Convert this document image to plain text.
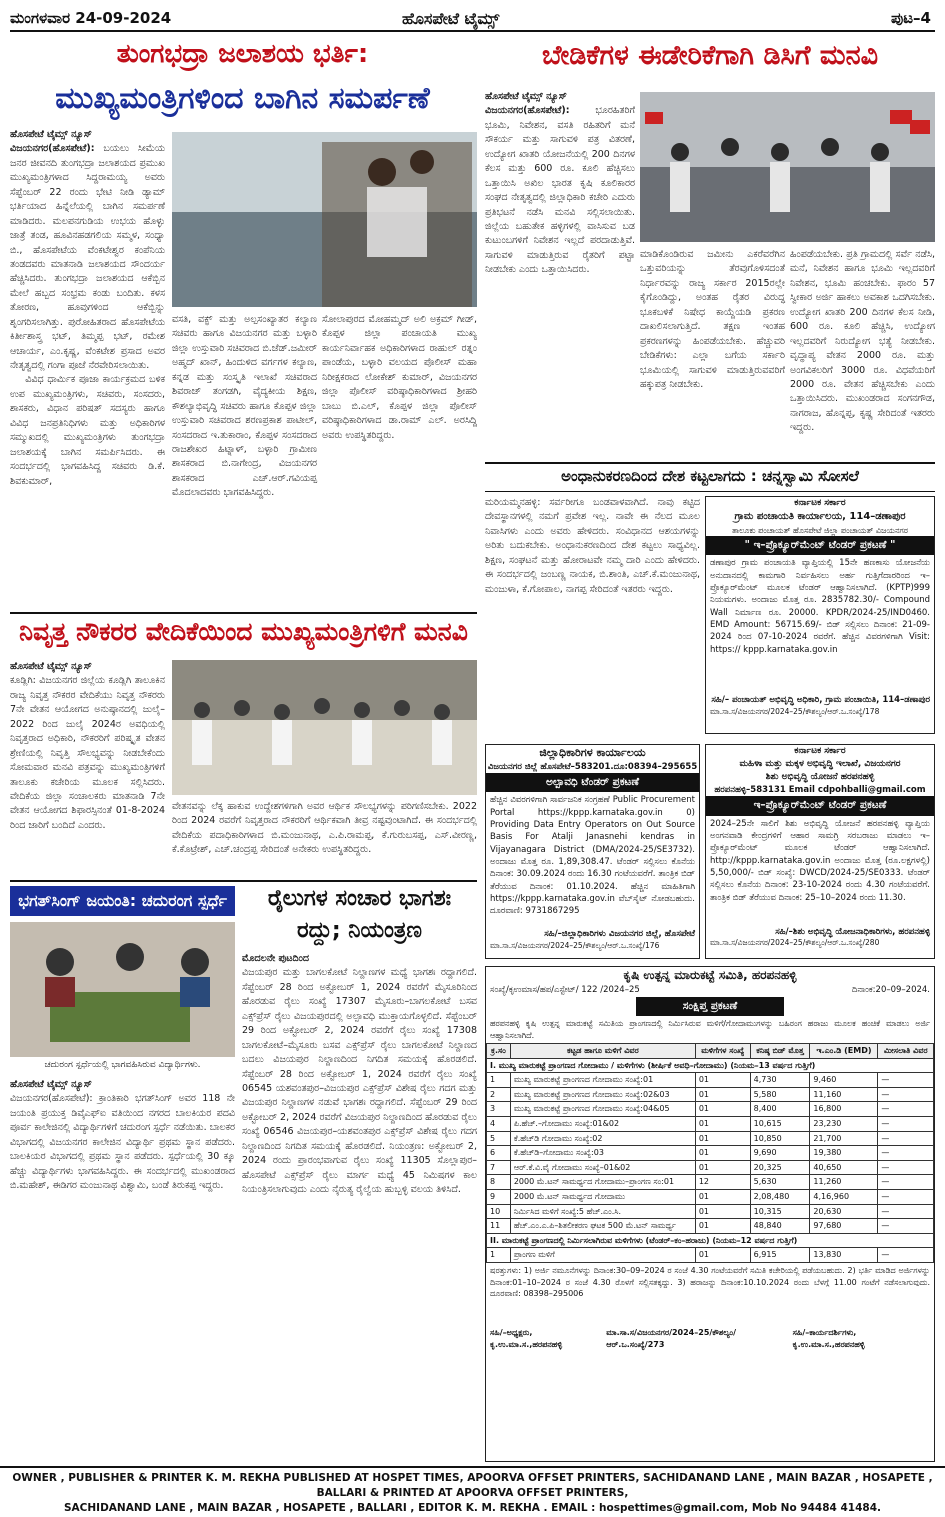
ಮಂಗಳವಾರ 24-09-2024	ಹೊಸಪೇಟೆ ಟೈಮ್ಸ್	ಪುಟ–4
ತುಂಗಭದ್ರಾ ಜಲಾಶಯ ಭರ್ತಿ:
ಮುಖ್ಯಮಂತ್ರಿಗಳಿಂದ ಬಾಗಿನ ಸಮರ್ಪಣೆ
ಹೊಸಪೇಟೆ ಟೈಮ್ಸ್ ನ್ಯೂಸ್
ವಿಜಯನಗರ(ಹೊಸಪೇಟೆ): ಬಯಲು ಸೀಮೆಯ ಜನರ ಜೀವನದಿ ತುಂಗಭದ್ರಾ ಜಲಾಶಯದ ಪ್ರಮುಖ ಮುಖ್ಯಮಂತ್ರಿಗಳಾದ ಸಿದ್ದರಾಮಯ್ಯ ಅವರು ಸೆಪ್ಟೆಂಬರ್ 22 ರಂದು ಭೇಟಿ ನೀಡಿ ಡ್ಯಾಮ್ ಭರ್ತಿಯಾದ ಹಿನ್ನೆಲೆಯಲ್ಲಿ ಬಾಗಿನ ಸಮರ್ಪಣೆ ಮಾಡಿದರು. ಮಲಪನಗುಡಿಯ ಉಭಯ ಹೊಳ್ಳು ಜಾತ್ರೆ ತಂಡ, ಹೂವಿನಹಡಗಲಿಯ ಸಮ್ಮಳ, ಸಂಧ್ಯಾ ಬಿ., ಹೊಸಪೇಟೆಯ ವೆಂಕಟೇಶ್ವರ ಕಂಪೆನಿಯ ತಂಡದವರು ಮಾತನಾಡಿ ಜಲಾಶಯದ ಸೌಂದರ್ಯ ಹೆಚ್ಚಿಸಿದರು. ತುಂಗಭದ್ರಾ ಜಲಾಶಯದ ಆಕೆಬ್ಬಿನ ಮೇಲೆ ಹಬ್ಬದ ಸಂಭ್ರಮ ಕಂಡು ಬಂದಿತು. ಕಳಸ ತೋರಣ, ಹೂವುಗಳಿಂದ ಆಕೆಬ್ಬಿನ್ನು ಶೃಂಗರಿಸಲಾಗಿತ್ತು. ಪುರೋಹಿತರಾದ ಹೊಸಪೇಟೆಯ ಕಿರ್ತೀಶಾಸ್ತ್ರ ಭಟ್, ತಿಮ್ಮಪ್ಪ ಭಟ್, ರಮೇಶ ಆಚಾರ್ಯ, ಎಂ.ಕೃಷ್ಣ, ವೆಂಕಟೇಶ ಪ್ರಸಾದ ಅವರ ನೇತೃತ್ವದಲ್ಲಿ ಗಂಗಾ ಪೂಜೆ ನೆರವೇರಿಸಲಾಯಿತು.
ವಿವಿಧ ಧಾರ್ಮಿಕ ಪೂಜಾ ಕಾರ್ಯಕ್ರಮದ ಬಳಿಕ ಉಪ ಮುಖ್ಯಮಂತ್ರಿಗಳು, ಸಚಿವರು, ಸಂಸದರು, ಶಾಸಕರು, ವಿಧಾನ ಪರಿಷತ್ ಸದಸ್ಯರು ಹಾಗೂ ವಿವಿಧ ಜನಪ್ರತಿನಿಧಿಗಳು ಮತ್ತು ಅಧಿಕಾರಿಗಳ ಸಮ್ಮುಖದಲ್ಲಿ ಮುಖ್ಯಮಂತ್ರಿಗಳು ತುಂಗಭದ್ರಾ ಜಲಾಶಯಕ್ಕೆ ಬಾಗಿನ ಸಮರ್ಪಿಸಿದರು. ಈ ಸಂದರ್ಭದಲ್ಲಿ ಭಾಗವಹಿಸಿದ್ದ ಸಚಿವರು ಡಿ.ಕೆ. ಶಿವಕುಮಾರ್,
ವಸತಿ, ವಕ್ಫ್ ಮತ್ತು ಅಲ್ಪಸಂಖ್ಯಾತರ ಕಲ್ಯಾಣ ಸಚಿವರು ಹಾಗೂ ವಿಜಯನಗರ ಮತ್ತು ಬಳ್ಳಾರಿ ಜಿಲ್ಲಾ ಉಸ್ತುವಾರಿ ಸಚಿವರಾದ ಬಿ.ಜೆಡ್.ಜಮೀರ್ ಅಹ್ಮದ್ ಖಾನ್, ಹಿಂದುಳಿದ ವರ್ಗಗಳ ಕಲ್ಯಾಣ, ಕನ್ನಡ ಮತ್ತು ಸಂಸ್ಕೃತಿ ಇಲಾಖೆ ಸಚಿವರಾದ ಶಿವರಾಜ್ ತಂಗಡಗಿ, ವೈದ್ಯಕೀಯ ಶಿಕ್ಷಣ, ಕೌಶಲ್ಯಾಭಿವೃದ್ಧಿ ಸಚಿವರು ಹಾಗೂ ಕೊಪ್ಪಳ ಜಿಲ್ಲಾ ಉಸ್ತುವಾರಿ ಸಚಿವರಾದ ಶರಣಪ್ರಕಾಶ ಪಾಟೀಲ್, ಸಂಸದರಾದ ಇ.ತುಕಾರಾಂ, ಕೊಪ್ಪಳ ಸಂಸದರಾದ ರಾಜಶೇಖರ ಹಿಟ್ನಾಳ್, ಬಳ್ಳಾರಿ ಗ್ರಾಮೀಣ ಶಾಸಕರಾದ ಬಿ.ನಾಗೇಂದ್ರ, ವಿಜಯನಗರ ಶಾಸಕರಾದ ಎಚ್.ಆರ್.ಗವಿಯಪ್ಪ ಮೊದಲಾದವರು ಭಾಗವಹಿಸಿದ್ದರು.
ಸೋಲಾಪುರದ ಮೋಹಮ್ಮದ್ ಅಲಿ ಅಕ್ರಮ್ ಗೀಡ್, ಕೊಪ್ಪಳ ಜಿಲ್ಲಾ ಪಂಚಾಯತಿ ಮುಖ್ಯ ಕಾರ್ಯನಿರ್ವಾಹಕ ಅಧಿಕಾರಿಗಳಾದ ರಾಹುಲ್ ರತ್ನಂ ಪಾಂಡೆಯ, ಬಳ್ಳಾರಿ ವಲಯದ ಪೊಲೀಸ್ ಮಹಾ ನಿರೀಕ್ಷಕರಾದ ಲೋಕೇಶ್ ಕುಮಾರ್, ವಿಜಯನಗರ ಜಿಲ್ಲಾ ಪೊಲೀಸ್ ವರಿಷ್ಠಾಧಿಕಾರಿಗಳಾದ ಶ್ರೀಹರಿ ಬಾಬು ಬಿ.ಎಲ್, ಕೊಪ್ಪಳ ಜಿಲ್ಲಾ ಪೊಲೀಸ್ ವರಿಷ್ಠಾಧಿಕಾರಿಗಳಾದ ಡಾ.ರಾಮ್ ಎಲ್. ಅರಸಿದ್ದಿ ಅವರು ಉಪಸ್ಥಿತರಿದ್ದರು.
ನಿವೃತ್ತ ನೌಕರರ ವೇದಿಕೆಯಿಂದ ಮುಖ್ಯಮಂತ್ರಿಗಳಿಗೆ ಮನವಿ
ಹೊಸಪೇಟೆ ಟೈಮ್ಸ್ ನ್ಯೂಸ್
ಕೂಡ್ಲಿಗಿ: ವಿಜಯನಗರ ಜಿಲ್ಲೆಯ ಕೂಡ್ಲಿಗಿ ತಾಲೂಕಿನ ರಾಜ್ಯ ನಿವೃತ್ತ ನೌಕರರ ವೇದಿಕೆಯು ನಿವೃತ್ತ ನೌಕರರು 7ನೇ ವೇತನ ಆಯೋಗದ ಅನುಷ್ಠಾನದಲ್ಲಿ ಜುಲೈ–2022 ರಿಂದ ಜುಲೈ 2024ರ ಅವಧಿಯಲ್ಲಿ ನಿವೃತ್ತರಾದ ಅಧಿಕಾರಿ, ನೌಕರರಿಗೆ ಪರಿಷ್ಕೃತ ವೇತನ ಶ್ರೇಣಿಯಲ್ಲಿ ನಿವೃತ್ತಿ ಸೌಲಭ್ಯವನ್ನು ನೀಡಬೇಕೆಂದು ಸೋಮವಾರ ಮನವಿ ಪತ್ರವನ್ನು ಮುಖ್ಯಮಂತ್ರಿಗಳಿಗೆ ತಾಲೂಕು ಕಚೇರಿಯ ಮೂಲಕ ಸಲ್ಲಿಸಿದರು. ವೇದಿಕೆಯ ಜಿಲ್ಲಾ ಸಂಚಾಲಕರು ಮಾತನಾಡಿ 7ನೇ ವೇತನ ಆಯೋಗದ ಶಿಫಾರಸ್ಸಿನಂತೆ 01-8-2024 ರಿಂದ ಜಾರಿಗೆ ಬಂದಿದೆ ಎಂದರು.
ವೇತನವನ್ನು ಲೆಕ್ಕ ಹಾಕುವ ಉದ್ದೇಶಗಳಿಗಾಗಿ ಅವರ ಆರ್ಥಿಕ ಸೌಲಭ್ಯಗಳನ್ನು ಪರಿಗಣಿಸಬೇಕು. 2022 ರಿಂದ 2024 ರವರೆಗೆ ನಿವೃತ್ತರಾದ ನೌಕರರಿಗೆ ಆರ್ಥಿಕವಾಗಿ ತೀವ್ರ ನಷ್ಟವುಂಟಾಗಿದೆ. ಈ ಸಂದರ್ಭದಲ್ಲಿ ವೇದಿಕೆಯ ಪದಾಧಿಕಾರಿಗಳಾದ ಬಿ.ಮಂಜುನಾಥ, ಎ.ಪಿ.ರಾಮಪ್ಪ, ಕೆ.ಗುರುಬಸಪ್ಪ, ಎಸ್.ವೀರಣ್ಣ, ಕೆ.ಕೊಟ್ರೇಶ್, ಎಚ್.ಚಂದ್ರಪ್ಪ ಸೇರಿದಂತೆ ಅನೇಕರು ಉಪಸ್ಥಿತರಿದ್ದರು.
ಭಗತ್‌ಸಿಂಗ್ ಜಯಂತಿ: ಚದುರಂಗ ಸ್ಪರ್ಧೆ
ಚದುರಂಗ ಸ್ಪರ್ಧೆಯಲ್ಲಿ ಭಾಗವಹಿಸಿರುವ ವಿದ್ಯಾರ್ಥಿಗಳು.
ಹೊಸಪೇಟೆ ಟೈಮ್ಸ್ ನ್ಯೂಸ್
ವಿಜಯನಗರ(ಹೊಸಪೇಟೆ): ಕ್ರಾಂತಿಕಾರಿ ಭಗತ್‌ಸಿಂಗ್ ಅವರ 118 ನೇ ಜಯಂತಿ ಪ್ರಯುಕ್ತ ಡಿವೈಎಫ್ಐ ವತಿಯಿಂದ ನಗರದ ಬಾಲಕಿಯರ ಪದವಿ ಪೂರ್ವ ಕಾಲೇಜಿನಲ್ಲಿ ವಿದ್ಯಾರ್ಥಿಗಳಿಗೆ ಚದುರಂಗ ಸ್ಪರ್ಧೆ ನಡೆಯಿತು. ಬಾಲಕರ ವಿಭಾಗದಲ್ಲಿ ವಿಜಯನಗರ ಕಾಲೇಜಿನ ವಿದ್ಯಾರ್ಥಿ ಪ್ರಥಮ ಸ್ಥಾನ ಪಡೆದರು. ಬಾಲಕಿಯರ ವಿಭಾಗದಲ್ಲಿ ಪ್ರಥಮ ಸ್ಥಾನ ಪಡೆದರು. ಸ್ಪರ್ಧೆಯಲ್ಲಿ 30 ಕ್ಕೂ ಹೆಚ್ಚು ವಿದ್ಯಾರ್ಥಿಗಳು ಭಾಗವಹಿಸಿದ್ದರು. ಈ ಸಂದರ್ಭದಲ್ಲಿ ಮುಖಂಡರಾದ ಬಿ.ಮಹೇಶ್, ಈಡಿಗರ ಮಂಜುನಾಥ ವಿಶ್ವಾಮಿ, ಬಂಡೆ ತಿರುಕಪ್ಪ ಇದ್ದರು.
ರೈಲುಗಳ ಸಂಚಾರ ಭಾಗಶಃ
ರದ್ದು; ನಿಯಂತ್ರಣ
ಮೊದಲನೇ ಪುಟದಿಂದ
ವಿಜಯಪುರ ಮತ್ತು ಬಾಗಲಕೋಟೆ ನಿಲ್ದಾಣಗಳ ಮಧ್ಯೆ ಭಾಗಶಃ ರದ್ದಾಗಲಿದೆ. ಸೆಪ್ಟೆಂಬರ್ 28 ರಿಂದ ಅಕ್ಟೋಬರ್ 1, 2024 ರವರೆಗೆ ಮೈಸೂರಿನಿಂದ ಹೊರಡುವ ರೈಲು ಸಂಖ್ಯೆ 17307 ಮೈಸೂರು–ಬಾಗಲಕೋಟೆ ಬಸವ ಎಕ್ಸ್‌ಪ್ರೆಸ್ ರೈಲು ವಿಜಯಪುರದಲ್ಲಿ ಅಲ್ಪಾವಧಿ ಮುಕ್ತಾಯಗೊಳ್ಳಲಿದೆ. ಸೆಪ್ಟೆಂಬರ್ 29 ರಿಂದ ಅಕ್ಟೋಬರ್ 2, 2024 ರವರೆಗೆ ರೈಲು ಸಂಖ್ಯೆ 17308 ಬಾಗಲಕೋಟೆ–ಮೈಸೂರು ಬಸವ ಎಕ್ಸ್‌ಪ್ರೆಸ್ ರೈಲು ಬಾಗಲಕೋಟೆ ನಿಲ್ದಾಣದ ಬದಲು ವಿಜಯಪುರ ನಿಲ್ದಾಣದಿಂದ ನಿಗದಿತ ಸಮಯಕ್ಕೆ ಹೊರಡಲಿದೆ. ಸೆಪ್ಟೆಂಬರ್ 28 ರಿಂದ ಅಕ್ಟೋಬರ್ 1, 2024 ರವರೆಗೆ ರೈಲು ಸಂಖ್ಯೆ 06545 ಯಶವಂತಪುರ–ವಿಜಯಪುರ ಎಕ್ಸ್‌ಪ್ರೆಸ್ ವಿಶೇಷ ರೈಲು ಗದಗ ಮತ್ತು ವಿಜಯಪುರ ನಿಲ್ದಾಣಗಳ ನಡುವೆ ಭಾಗಶಃ ರದ್ದಾಗಲಿದೆ. ಸೆಪ್ಟೆಂಬರ್ 29 ರಿಂದ ಅಕ್ಟೋಬರ್ 2, 2024 ರವರೆಗೆ ವಿಜಯಪುರ ನಿಲ್ದಾಣದಿಂದ ಹೊರಡುವ ರೈಲು ಸಂಖ್ಯೆ 06546 ವಿಜಯಪುರ–ಯಶವಂತಪುರ ಎಕ್ಸ್‌ಪ್ರೆಸ್ ವಿಶೇಷ ರೈಲು ಗದಗ ನಿಲ್ದಾಣದಿಂದ ನಿಗದಿತ ಸಮಯಕ್ಕೆ ಹೊರಡಲಿದೆ. ನಿಯಂತ್ರಣ: ಅಕ್ಟೋಬರ್ 2, 2024 ರಂದು ಪ್ರಾರಂಭವಾಗುವ ರೈಲು ಸಂಖ್ಯೆ 11305 ಸೊಲ್ಲಾಪುರ–ಹೊಸಪೇಟೆ ಎಕ್ಸ್‌ಪ್ರೆಸ್ ರೈಲು ಮಾರ್ಗ ಮಧ್ಯೆ 45 ನಿಮಿಷಗಳ ಕಾಲ ನಿಯಂತ್ರಿಸಲಾಗುವುದು ಎಂದು ನೈರುತ್ಯ ರೈಲ್ವೆಯ ಹುಬ್ಬಳ್ಳಿ ವಲಯ ತಿಳಿಸಿದೆ.
ಬೇಡಿಕೆಗಳ ಈಡೇರಿಕೆಗಾಗಿ ಡಿಸಿಗೆ ಮನವಿ
ಹೊಸಪೇಟೆ ಟೈಮ್ಸ್ ನ್ಯೂಸ್
ವಿಜಯನಗರ(ಹೊಸಪೇಟೆ):	ಭೂರಹಿತರಿಗೆ ಭೂಮಿ, ನಿವೇಶನ, ವಸತಿ ರಹಿತರಿಗೆ ಮನೆ ಸೌಕರ್ಯ ಮತ್ತು ಸಾಗುವಳಿ ಪತ್ರ ವಿತರಣೆ, ಉದ್ಯೋಗ ಖಾತರಿ ಯೋಜನೆಯಲ್ಲಿ 200 ದಿನಗಳ ಕೆಲಸ ಮತ್ತು 600 ರೂ. ಕೂಲಿ ಹೆಚ್ಚಿಸಲು ಒತ್ತಾಯಿಸಿ ಅಖಿಲ ಭಾರತ ಕೃಷಿ ಕೂಲಿಕಾರರ ಸಂಘದ ನೇತೃತ್ವದಲ್ಲಿ ಜಿಲ್ಲಾಧಿಕಾರಿ ಕಚೇರಿ ಎದುರು ಪ್ರತಿಭಟನೆ ನಡೆಸಿ ಮನವಿ ಸಲ್ಲಿಸಲಾಯಿತು. ಜಿಲ್ಲೆಯ ಬಹುತೇಕ ಹಳ್ಳಿಗಳಲ್ಲಿ ವಾಸಿಸುವ ಬಡ ಕುಟುಂಬಗಳಿಗೆ ನಿವೇಶನ ಇಲ್ಲದೆ ಪರದಾಡುತ್ತಿವೆ. ಸಾಗುವಳಿ ಮಾಡುತ್ತಿರುವ ರೈತರಿಗೆ ಪಟ್ಟಾ ನೀಡಬೇಕು ಎಂದು ಒತ್ತಾಯಿಸಿದರು.
ಮಾಡಿಕೊಂಡಿರುವ ಜಮೀನು ಎಕರೆವರೆಗಿನ ಒತ್ತುವರಿಯನ್ನು ತೆರವುಗೊಳಿಸದಂತೆ ನಿರ್ಧಾರವನ್ನು ರಾಜ್ಯ ಸರ್ಕಾರ 2015ರಲ್ಲೇ ಕೈಗೊಂಡಿದ್ದು, ಅಂತಹ ರೈತರ ವಿರುದ್ಧ ಭೂಕಬಳಿಕೆ ನಿಷೇಧ ಕಾಯ್ದೆಯಡಿ ಪ್ರಕರಣ ದಾಖಲಿಸಲಾಗುತ್ತಿದೆ. ತಕ್ಷಣ ಇಂತಹ ಪ್ರಕರಣಗಳನ್ನು ಹಿಂಪಡೆಯಬೇಕು. ಹೆಚ್ಚುವರಿ ಬೇಡಿಕೆಗಳು: ಎಲ್ಲಾ ಬಗೆಯ ಸರ್ಕಾರಿ ಭೂಮಿಯಲ್ಲಿ ಸಾಗುವಳಿ ಮಾಡುತ್ತಿರುವವರಿಗೆ ಹಕ್ಕುಪತ್ರ ನೀಡಬೇಕು.
ಹಿಂಪಡೆಯಬೇಕು. ಪ್ರತಿ ಗ್ರಾಮದಲ್ಲಿ ಸರ್ವೆ ನಡೆಸಿ, ಮನೆ, ನಿವೇಶನ ಹಾಗೂ ಭೂಮಿ ಇಲ್ಲದವರಿಗೆ ನಿವೇಶನ, ಭೂಮಿ ಹಂಚಬೇಕು. ಫಾರಂ 57 ಸ್ವೀಕಾರ ಅರ್ಜಿ ಹಾಕಲು ಅವಕಾಶ ಒದಗಿಸಬೇಕು. ಉದ್ಯೋಗ ಖಾತರಿ 200 ದಿನಗಳ ಕೆಲಸ ನೀಡಿ, 600 ರೂ. ಕೂಲಿ ಹೆಚ್ಚಿಸಿ, ಉದ್ಯೋಗ ಇಲ್ಲದವರಿಗೆ ನಿರುದ್ಯೋಗ ಭತ್ಯೆ ನೀಡಬೇಕು. ವೃದ್ಧಾಪ್ಯ ವೇತನ 2000 ರೂ. ಮತ್ತು ಅಂಗವಿಕಲರಿಗೆ 3000 ರೂ. ವಿಧವೆಯರಿಗೆ 2000 ರೂ. ವೇತನ ಹೆಚ್ಚಿಸಬೇಕು ಎಂದು ಒತ್ತಾಯಿಸಿದರು. ಮುಖಂಡರಾದ ಸಂಗನಗೌಡ, ನಾಗರಾಜ, ಹೊನ್ನಪ್ಪ, ಕೃಷ್ಣ ಸೇರಿದಂತೆ ಇತರರು ಇದ್ದರು.
ಅಂಧಾನುಕರಣದಿಂದ ದೇಶ ಕಟ್ಟಲಾಗದು : ಚನ್ನಸ್ವಾಮಿ ಸೋಸಲೆ
ಮರಿಯಮ್ಮನಹಳ್ಳಿ: ಸರ್ವರೀಗೂ ಬಂಡವಾಳವಾಗಿದೆ. ನಾವು ಕಟ್ಟಿದ ದೇವಸ್ಥಾನಗಳಲ್ಲಿ ನಮಗೆ ಪ್ರವೇಶ ಇಲ್ಲ. ನಾವೇ ಈ ನೆಲದ ಮೂಲ ನಿವಾಸಿಗಳು ಎಂದು ಅವರು ಹೇಳಿದರು. ಸಂವಿಧಾನದ ಆಶಯಗಳನ್ನು ಅರಿತು ಬದುಕಬೇಕು. ಅಂಧಾನುಕರಣದಿಂದ ದೇಶ ಕಟ್ಟಲು ಸಾಧ್ಯವಿಲ್ಲ. ಶಿಕ್ಷಣ, ಸಂಘಟನೆ ಮತ್ತು ಹೋರಾಟವೇ ನಮ್ಮ ದಾರಿ ಎಂದು ಹೇಳಿದರು. ಈ ಸಂದರ್ಭದಲ್ಲಿ ಜಂಬಣ್ಣ ನಾಯಕ, ಬಿ.ಶಾಂತಿ, ಎಚ್.ಕೆ.ಮಂಜುನಾಥ, ಮಂಜುಳಾ, ಕೆ.ಗೋಪಾಲ, ನಾಗಪ್ಪ ಸೇರಿದಂತೆ ಇತರರು ಇದ್ದರು.
ಕರ್ನಾಟಕ ಸರ್ಕಾರ
ಗ್ರಾಮ ಪಂಚಾಯತಿ ಕಾರ್ಯಾಲಯ, 114–ಡಣಾಪುರ
ತಾಲೂಕು ಪಂಚಾಯತ್ ಹೊಸಪೇಟೆ ಜಿಲ್ಲಾ ಪಂಚಾಯತ್ ವಿಜಯನಗರ
" ಇ–ಪ್ರೊಕ್ಯೂರ್‌ಮೆಂಟ್ ಟೆಂಡರ್ ಪ್ರಕಟಣೆ "
ಡಣಾಪುರ ಗ್ರಾಮ ಪಂಚಾಯತಿ ವ್ಯಾಪ್ತಿಯಲ್ಲಿ 15ನೇ ಹಣಕಾಸು ಯೋಜನೆಯ ಅನುದಾನದಲ್ಲಿ ಕಾಮಗಾರಿ ನಿರ್ವಹಿಸಲು ಅರ್ಹ ಗುತ್ತಿಗೆದಾರರಿಂದ ಇ–ಪ್ರೊಕ್ಯೂರ್‌ಮೆಂಟ್ ಮೂಲಕ ಟೆಂಡರ್ ಆಹ್ವಾನಿಸಲಾಗಿದೆ. (KPTP)999 ನಿಯಮಗಳು. ಅಂದಾಜು ಮೊತ್ತ ರೂ. 2835782.30/- Compound Wall ನಿರ್ಮಾಣ ರೂ. 20000. KPDR/2024-25/IND0460. EMD Amount: 56715.69/- ಬಿಡ್ ಸಲ್ಲಿಸಲು ದಿನಾಂಕ: 21-09-2024 ರಿಂದ 07-10-2024 ರವರೆಗೆ. ಹೆಚ್ಚಿನ ವಿವರಗಳಿಗಾಗಿ Visit: https:// kppp.karnataka.gov.in
ಸಹಿ/– ಪಂಚಾಯತ್ ಅಭಿವೃದ್ಧಿ ಅಧಿಕಾರಿ, ಗ್ರಾಮ ಪಂಚಾಯಿತಿ, 114–ಡಣಾಪುರ
ಮಾ.ಸಾ.ಸ/ವಿಜಯನಗರ/2024–25/ಕೌಶಲ್ಯಂ/ಆರ್.ಒ.ಸಂಖ್ಯೆ/178
ಜಿಲ್ಲಾಧಿಕಾರಿಗಳ ಕಾರ್ಯಾಲಯ
ವಿಜಯನಗರ ಜಿಲ್ಲೆ ಹೊಸಪೇಟೆ–583201.ದೂ:08394–295655
ಅಲ್ಪಾವಧಿ ಟೆಂಡರ್ ಪ್ರಕಟಣೆ
ಹೆಚ್ಚಿನ ವಿವರಗಳಿಗಾಗಿ ಸಾರ್ವಜನಿಕ ಸಂಗ್ರಹಣೆ Public Procurement Portal https://kppp.karnataka.gov.in 0) Providing Data Entry Operators on Out Source Basis For Atalji Janasnehi kendras in Vijayanagara District (DMA/2024-25/SE3732). ಅಂದಾಜು ಮೊತ್ತ ರೂ. 1,89,308.47. ಟೆಂಡರ್ ಸಲ್ಲಿಸಲು ಕೊನೆಯ ದಿನಾಂಕ: 30.09.2024 ರಂದು 16.30 ಗಂಟೆಯವರೆಗೆ. ತಾಂತ್ರಿಕ ಬಿಡ್ ತೆರೆಯುವ ದಿನಾಂಕ: 01.10.2024. ಹೆಚ್ಚಿನ ಮಾಹಿತಿಗಾಗಿ https://kppp.karnataka.gov.in ವೆಬ್‌ಸೈಟ್ ನೋಡಬಹುದು. ದೂರವಾಣಿ: 9731867295
ಸಹಿ/–ಜಿಲ್ಲಾಧಿಕಾರಿಗಳು ವಿಜಯನಗರ ಜಿಲ್ಲೆ, ಹೊಸಪೇಟೆ
ಮಾ.ಸಾ.ಸ/ವಿಜಯನಗರ/2024–25/ಕೌಶಲ್ಯಂ/ಆರ್.ಒ.ಸಂಖ್ಯೆ/176
ಕರ್ನಾಟಕ ಸರ್ಕಾರ
ಮಹಿಳಾ ಮತ್ತು ಮಕ್ಕಳ ಅಭಿವೃದ್ಧಿ ಇಲಾಖೆ, ವಿಜಯನಗರ
ಶಿಶು ಅಭಿವೃದ್ಧಿ ಯೋಜನೆ ಹರಪನಹಳ್ಳಿ
ಹರಪನಹಳ್ಳಿ–583131 Email cdpohballi@gmail.com
ಇ–ಪ್ರೊಕ್ಯೂರ್‌ಮೆಂಟ್ ಟೆಂಡರ್ ಪ್ರಕಟಣೆ
2024–25ನೇ ಸಾಲಿಗೆ ಶಿಶು ಅಭಿವೃದ್ಧಿ ಯೋಜನೆ ಹರಪನಹಳ್ಳಿ ವ್ಯಾಪ್ತಿಯ ಅಂಗನವಾಡಿ ಕೇಂದ್ರಗಳಿಗೆ ಆಹಾರ ಸಾಮಗ್ರಿ ಸರಬರಾಜು ಮಾಡಲು ಇ–ಪ್ರೊಕ್ಯೂರ್‌ಮೆಂಟ್ ಮೂಲಕ ಟೆಂಡರ್ ಆಹ್ವಾನಿಸಲಾಗಿದೆ. http://kppp.karnataka.gov.in ಅಂದಾಜು ಮೊತ್ತ (ರೂ.ಲಕ್ಷಗಳಲ್ಲಿ) 5,50,000/- ಬಿಡ್ ಸಂಖ್ಯೆ: DWCD/2024-25/SE0333. ಟೆಂಡರ್ ಸಲ್ಲಿಸಲು ಕೊನೆಯ ದಿನಾಂಕ: 23-10-2024 ರಂದು 4.30 ಗಂಟೆಯವರೆಗೆ. ತಾಂತ್ರಿಕ ಬಿಡ್ ತೆರೆಯುವ ದಿನಾಂಕ: 25–10–2024 ರಂದು 11.30.
ಸಹಿ/–ಶಿಶು ಅಭಿವೃದ್ಧಿ ಯೋಜನಾಧಿಕಾರಿಗಳು, ಹರಪನಹಳ್ಳಿ
ಮಾ.ಸಾ.ಸ/ವಿಜಯನಗರ/2024–25/ಕೌಶಲ್ಯಂ/ಆರ್.ಒ.ಸಂಖ್ಯೆ/280
ಕೃಷಿ ಉತ್ಪನ್ನ ಮಾರುಕಟ್ಟೆ ಸಮಿತಿ, ಹರಪನಹಳ್ಳಿ
ಸಂಖ್ಯೆ/ಕೃಉಮಾಸ/ಹಪ/ಎಸ್ಟೇಟ್/ 122 /2024–25	ದಿನಾಂಕ:20–09–2024.
ಸಂಕ್ಷಿಪ್ತ ಪ್ರಕಟಣೆ
ಹರಪನಹಳ್ಳಿ ಕೃಷಿ ಉತ್ಪನ್ನ ಮಾರುಕಟ್ಟೆ ಸಮಿತಿಯ ಪ್ರಾಂಗಣದಲ್ಲಿ ನಿರ್ಮಿಸಿರುವ ಮಳಿಗೆ/ಗೋದಾಮುಗಳನ್ನು ಬಹಿರಂಗ ಹರಾಜು ಮೂಲಕ ಹಂಚಿಕೆ ಮಾಡಲು ಅರ್ಜಿ ಆಹ್ವಾನಿಸಲಾಗಿದೆ.
ಕ್ರ.ಸಂ	ಕಟ್ಟಡ ಹಾಗೂ ಮಳಿಗೆ ವಿವರ	ಮಳಿಗೆಗಳ ಸಂಖ್ಯೆ	ಕನಿಷ್ಠ ಬಿಡ್ ಮೊತ್ತ	ಇ.ಎಂ.ಡಿ (EMD)	ಮೀಸಲಾತಿ ವಿವರ
I. ಮುಖ್ಯ ಮಾರುಕಟ್ಟೆ ಪ್ರಾಂಗಣದ ಗೋದಾಮು / ಮಳಿಗೆಗಳು (ಶೀರ್ಷಿಕೆ ಅವಧಿ–ಗೋದಾಮು) (ನಿಯಮ–13 ವರ್ಷದ ಗುತ್ತಿಗೆ)					
1	ಮುಖ್ಯ ಮಾರುಕಟ್ಟೆ ಪ್ರಾಂಗಣದ ಗೋದಾಮು ಸಂಖ್ಯೆ:01	01	4,730	9,460	—
2	ಮುಖ್ಯ ಮಾರುಕಟ್ಟೆ ಪ್ರಾಂಗಣದ ಗೋದಾಮು ಸಂಖ್ಯೆ:02&03	01	5,580	11,160	—
3	ಮುಖ್ಯ ಮಾರುಕಟ್ಟೆ ಪ್ರಾಂಗಣದ ಗೋದಾಮು ಸಂಖ್ಯೆ:04&05	01	8,400	16,800	—
4	ಪಿ.ಹೆಚ್.–ಗೋದಾಮು ಸಂಖ್ಯೆ:01&02	01	10,615	23,230	—
5	ಕೆ.ಹೆಚ್‌ಡಿ ಗೋದಾಮು ಸಂಖ್ಯೆ:02	01	10,850	21,700	—
6	ಕೆ.ಹೆಚ್‌ಡಿ–ಗೋದಾಮು ಸಂಖ್ಯೆ:03	01	9,690	19,380	—
7	ಆರ್.ಕೆ.ವಿ.ವೈ ಗೋದಾಮು ಸಂಖ್ಯೆ–01&02	01	20,325	40,650	—
8	2000 ಮೆ.ಟನ್ ಸಾಮರ್ಥ್ಯದ ಗೋದಾಮು–ಪ್ರಾಂಗಣ ಸಂ:01	12	5,630	11,260	—
9	2000 ಮೆ.ಟನ್ ಸಾಮರ್ಥ್ಯದ ಗೋದಾಮು	01	2,08,480	4,16,960	—
10	ನಿರ್ಮಿಸಿದ ಮಳಿಗೆ ಸಂಖ್ಯೆ:5 ಹೆಚ್.ಎಂ.ಸಿ.	01	10,315	20,630	—
11	ಹೆಚ್.ಎಂ.ಎ.ಪಿ–ಶಿತಲೀಕರಣ ಘಟಕ 500 ಮೆ.ಟನ್ ಸಾಮರ್ಥ್ಯ	01	48,840	97,680	—
II. ಮಾರುಕಟ್ಟೆ ಪ್ರಾಂಗಣದಲ್ಲಿ ನಿರ್ಮಿಸಲಾಗಿರುವ ಮಳಿಗೆಗಳು (ಟೆಂಡರ್–ಕಂ–ಹರಾಜು) (ನಿಯಮ–12 ವರ್ಷದ ಗುತ್ತಿಗೆ)					
1	ಪ್ರಾಂಗಣ ಮಳಿಗೆ	01	6,915	13,830	—
ಷರತ್ತುಗಳು: 1) ಅರ್ಜಿ ನಮೂನೆಗಳನ್ನು ದಿನಾಂಕ:30–09–2024 ರ ಸಂಜೆ 4.30 ಗಂಟೆಯವರೆಗೆ ಸಮಿತಿ ಕಚೇರಿಯಲ್ಲಿ ಪಡೆಯಬಹುದು. 2) ಭರ್ತಿ ಮಾಡಿದ ಅರ್ಜಿಗಳನ್ನು ದಿನಾಂಕ:01–10–2024 ರ ಸಂಜೆ 4.30 ರೊಳಗೆ ಸಲ್ಲಿಸತಕ್ಕದ್ದು. 3) ಹರಾಜನ್ನು ದಿನಾಂಕ:10.10.2024 ರಂದು ಬೆಳಗ್ಗೆ 11.00 ಗಂಟೆಗೆ ನಡೆಸಲಾಗುವುದು. ದೂರವಾಣಿ: 08398–295006
ಸಹಿ/–ಅಧ್ಯಕ್ಷರು, ಕೃ.ಉ.ಮಾ.ಸ.,ಹರಪನಹಳ್ಳಿ
ಮಾ.ಸಾ.ಸ/ವಿಜಯನಗರ/2024–25/ಕೌಶಲ್ಯಂ/ಆರ್.ಒ.ಸಂಖ್ಯೆ/273
ಸಹಿ/–ಕಾರ್ಯದರ್ಶಿಗಳು, ಕೃ.ಉ.ಮಾ.ಸ.,ಹರಪನಹಳ್ಳಿ
OWNER , PUBLISHER & PRINTER K. M. REKHA PUBLISHED AT HOSPET TIMES, APOORVA OFFSET PRINTERS, SACHIDANAND LANE , MAIN BAZAR , HOSAPETE , BALLARI & PRINTED AT APOORVA OFFSET PRINTERS,
SACHIDANAND LANE , MAIN BAZAR , HOSAPETE , BALLARI , EDITOR K. M. REKHA . EMAIL : hospettimes@gmail.com, Mob No 94484 41484.
